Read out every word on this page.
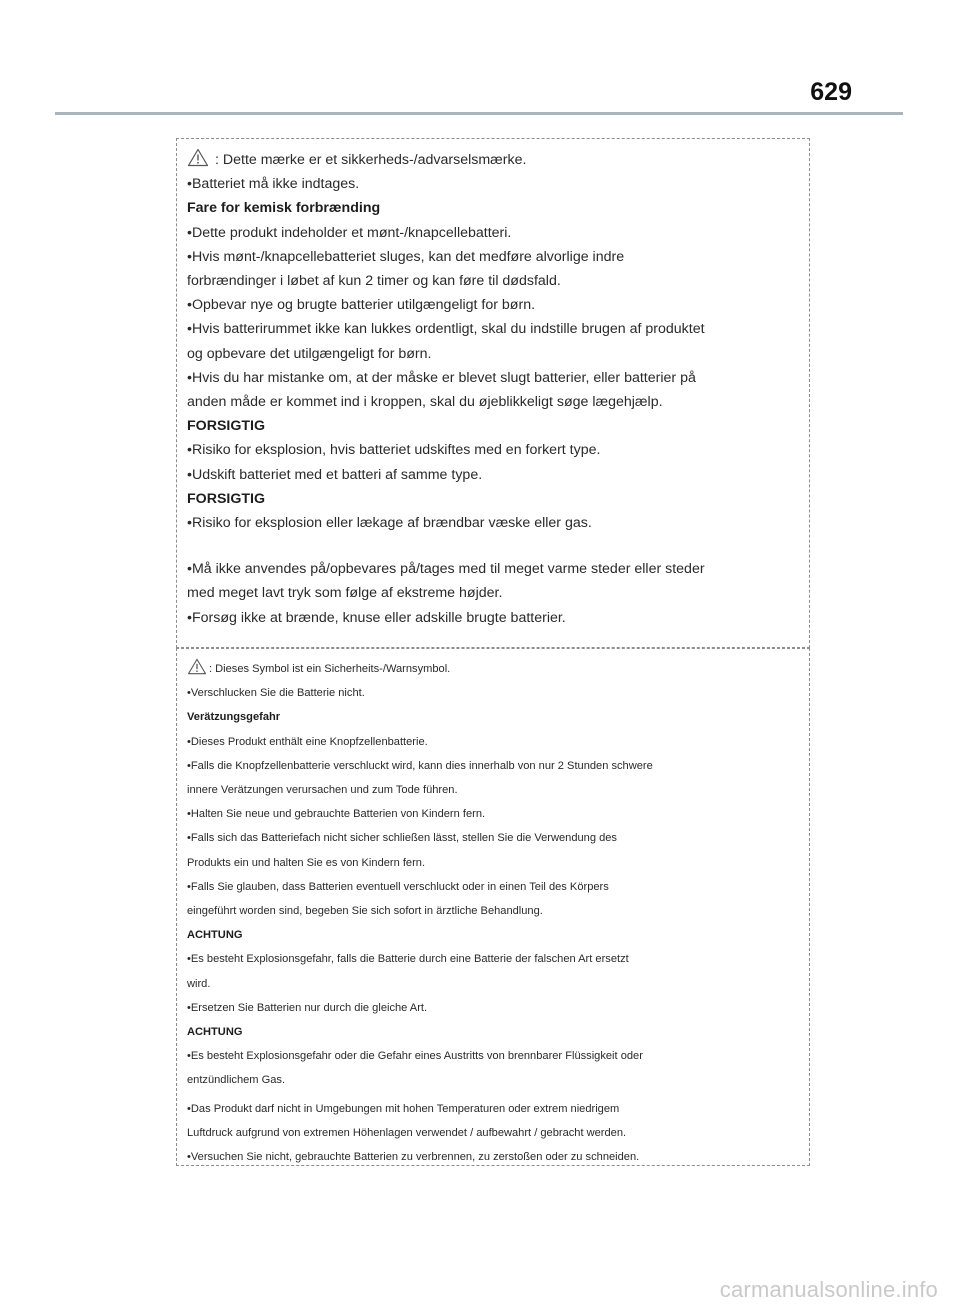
629
: Dette mærke er et sikkerheds-/advarselsmærke.
•Batteriet må ikke indtages.
Fare for kemisk forbrænding
•Dette produkt indeholder et mønt-/knapcellebatteri.
•Hvis mønt-/knapcellebatteriet sluges, kan det medføre alvorlige indre
forbrændinger i løbet af kun 2 timer og kan føre til dødsfald.
•Opbevar nye og brugte batterier utilgængeligt for børn.
•Hvis batterirummet ikke kan lukkes ordentligt, skal du indstille brugen af produktet
og opbevare det utilgængeligt for børn.
•Hvis du har mistanke om, at der måske er blevet slugt batterier, eller batterier på
anden måde er kommet ind i kroppen, skal du øjeblikkeligt søge lægehjælp.
FORSIGTIG
•Risiko for eksplosion, hvis batteriet udskiftes med en forkert type.
•Udskift batteriet med et batteri af samme type.
FORSIGTIG
•Risiko for eksplosion eller lækage af brændbar væske eller gas.
•Må ikke anvendes på/opbevares på/tages med til meget varme steder eller steder
med meget lavt tryk som følge af ekstreme højder.
•Forsøg ikke at brænde, knuse eller adskille brugte batterier.
: Dieses Symbol ist ein Sicherheits-/Warnsymbol.
•Verschlucken Sie die Batterie nicht.
Verätzungsgefahr
•Dieses Produkt enthält eine Knopfzellenbatterie.
•Falls die Knopfzellenbatterie verschluckt wird, kann dies innerhalb von nur 2 Stunden schwere
innere Verätzungen verursachen und zum Tode führen.
•Halten Sie neue und gebrauchte Batterien von Kindern fern.
•Falls sich das Batteriefach nicht sicher schließen lässt, stellen Sie die Verwendung des
Produkts ein und halten Sie es von Kindern fern.
•Falls Sie glauben, dass Batterien eventuell verschluckt oder in einen Teil des Körpers
eingeführt worden sind, begeben Sie sich sofort in ärztliche Behandlung.
ACHTUNG
•Es besteht Explosionsgefahr, falls die Batterie durch eine Batterie der falschen Art ersetzt
wird.
•Ersetzen Sie Batterien nur durch die gleiche Art.
ACHTUNG
•Es besteht Explosionsgefahr oder die Gefahr eines Austritts von brennbarer Flüssigkeit oder
entzündlichem Gas.
•Das Produkt darf nicht in Umgebungen mit hohen Temperaturen oder extrem niedrigem
Luftdruck aufgrund von extremen Höhenlagen verwendet / aufbewahrt / gebracht werden.
•Versuchen Sie nicht, gebrauchte Batterien zu verbrennen, zu zerstoßen oder zu schneiden.
carmanualsonline.info
